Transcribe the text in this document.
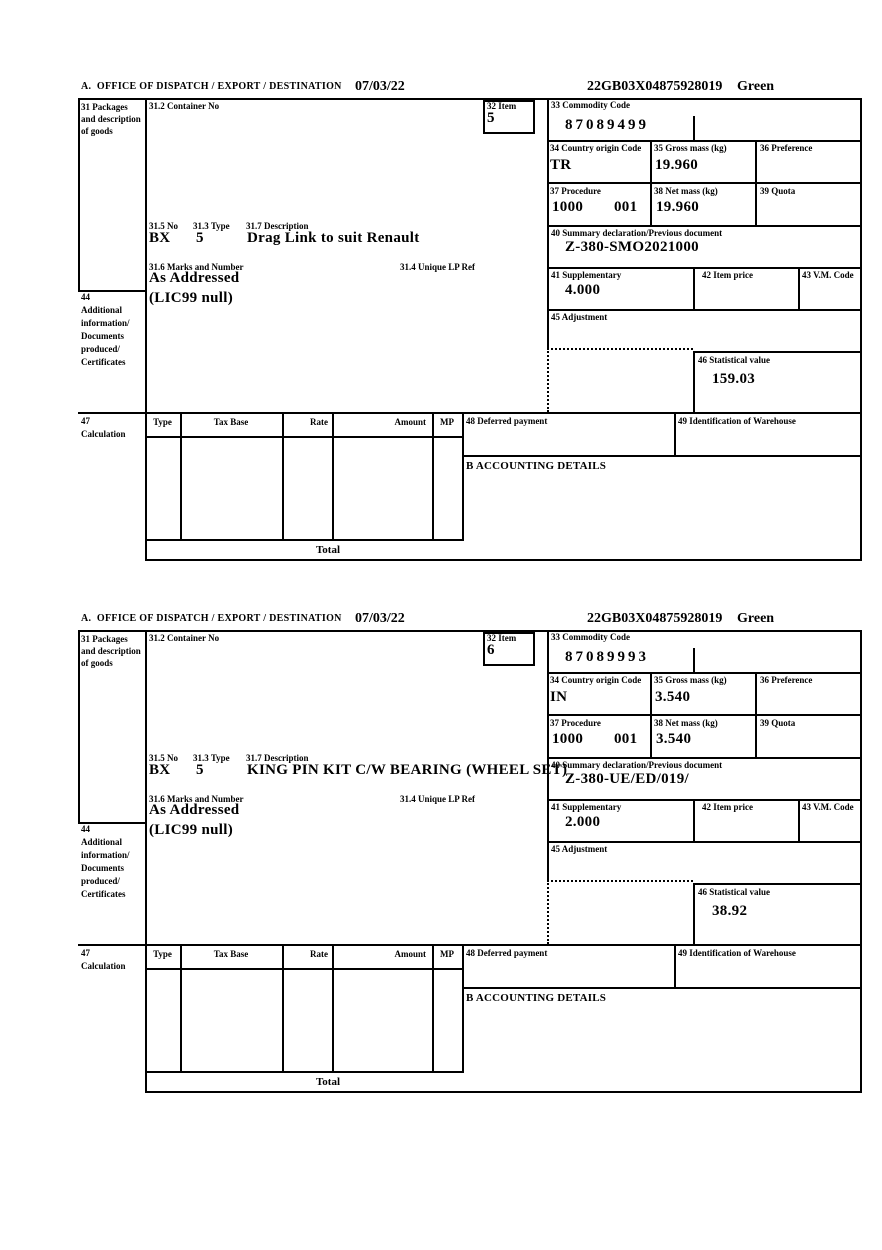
A.  OFFICE OF DISPATCH / EXPORT / DESTINATION 07/03/22	22GB03X04875928019 Green
31 Packages and description of goods
31.2 Container No	32 Item
5
33 Commodity Code
87089499
34 Country origin Code
TR
35 Gross mass (kg)
19.960
36 Preference
37 Procedure
1000 001
38 Net mass (kg)
19.960
39 Quota
31.5 No
BX
31.3 Type
5
31.7 Description
Drag Link to suit Renault	40 Summary declaration/Previous document
Z-380-SMO2021000
31.6 Marks and Number
As Addressed
31.4 Unique LP Ref
41 Supplementary
4.000
42 Item price	43 V.M. Code
44
Additional
information/
Documents
produced/
Certificates
(LIC99 null)
45 Adjustment
46 Statistical value
159.03
47
Calculation
Type	Tax Base	Rate	Amount	MP
Total
48 Deferred payment	49 Identification of Warehouse
B ACCOUNTING DETAILS
A.  OFFICE OF DISPATCH / EXPORT / DESTINATION 07/03/22	22GB03X04875928019 Green
31 Packages and description of goods
31.2 Container No	32 Item
6
33 Commodity Code
87089993
34 Country origin Code
IN
35 Gross mass (kg)
3.540
36 Preference
37 Procedure
1000 001
38 Net mass (kg)
3.540
39 Quota
31.5 No
BX
31.3 Type
5
31.7 Description
KING PIN KIT C/W BEARING (WHEEL SET)
40 Summary declaration/Previous document
Z-380-UE/ED/019/
31.6 Marks and Number
As Addressed
31.4 Unique LP Ref
41 Supplementary
2.000
42 Item price	43 V.M. Code
44
Additional
information/
Documents
produced/
Certificates
(LIC99 null)
45 Adjustment
46 Statistical value
38.92
47
Calculation
Type	Tax Base	Rate	Amount	MP
Total
48 Deferred payment	49 Identification of Warehouse
B ACCOUNTING DETAILS
